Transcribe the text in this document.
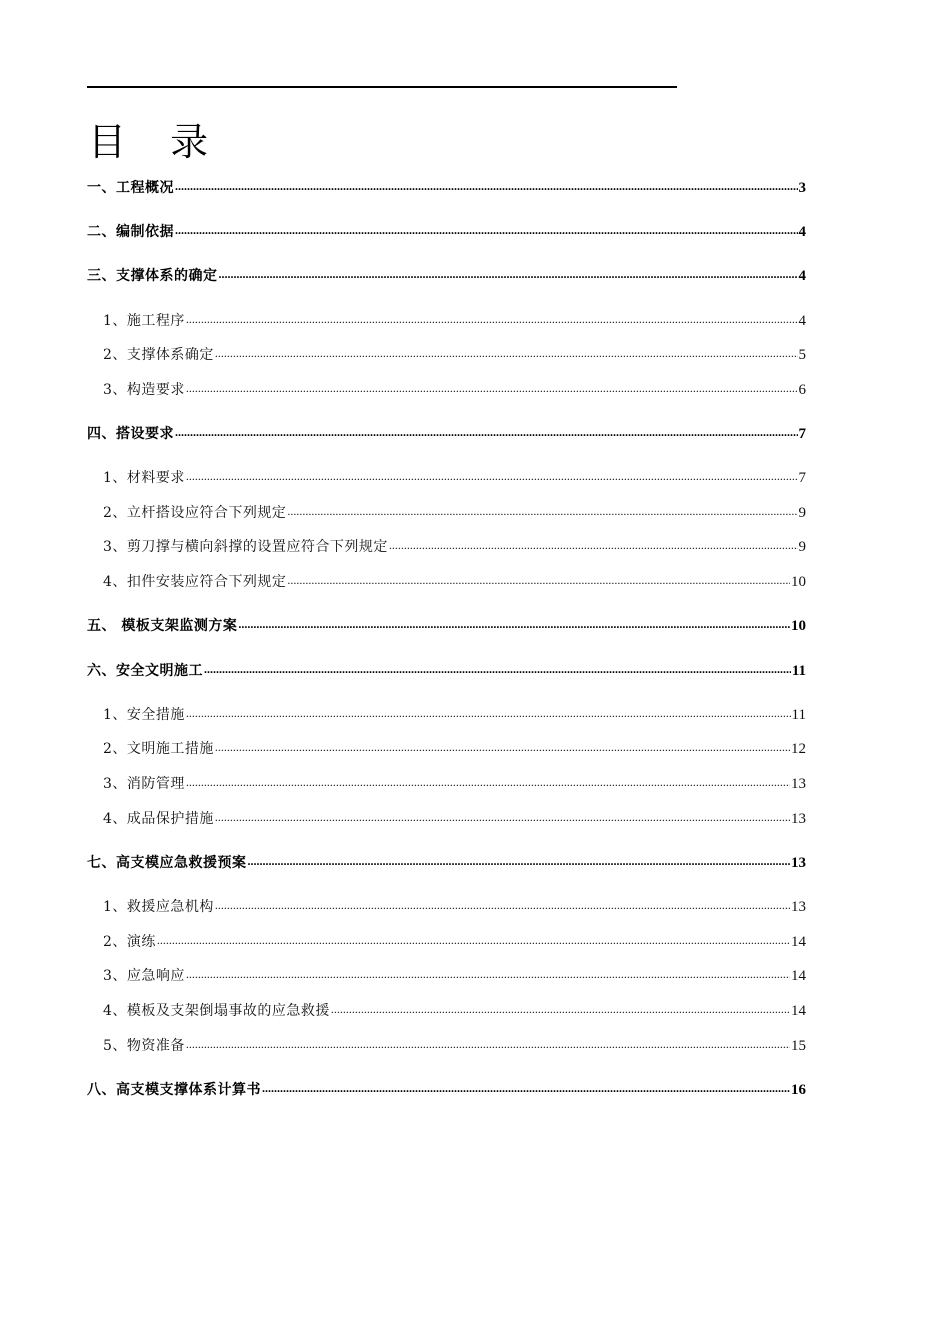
目 录
一、工程概况 .....	3
二、编制依据 .....	4
三、支撑体系的确定 .....	4
1、施工程序 .....	4
2、支撑体系确定 .....	5
3、构造要求 .....	6
四、搭设要求 .....	7
1、材料要求 .....	7
2、立杆搭设应符合下列规定 .....	9
3、剪刀撑与横向斜撑的设置应符合下列规定 .....	9
4、扣件安装应符合下列规定 .....	10
五、 模板支架监测方案 .....	10
六、安全文明施工 .....	11
1、安全措施 .....	11
2、文明施工措施 .....	12
3、消防管理 .....	13
4、成品保护措施 .....	13
七、高支模应急救援预案 .....	13
1、救援应急机构 .....	13
2、演练 .....	14
3、应急响应 .....	14
4、模板及支架倒塌事故的应急救援 .....	14
5、物资准备 .....	15
八、高支模支撑体系计算书 .....	16
